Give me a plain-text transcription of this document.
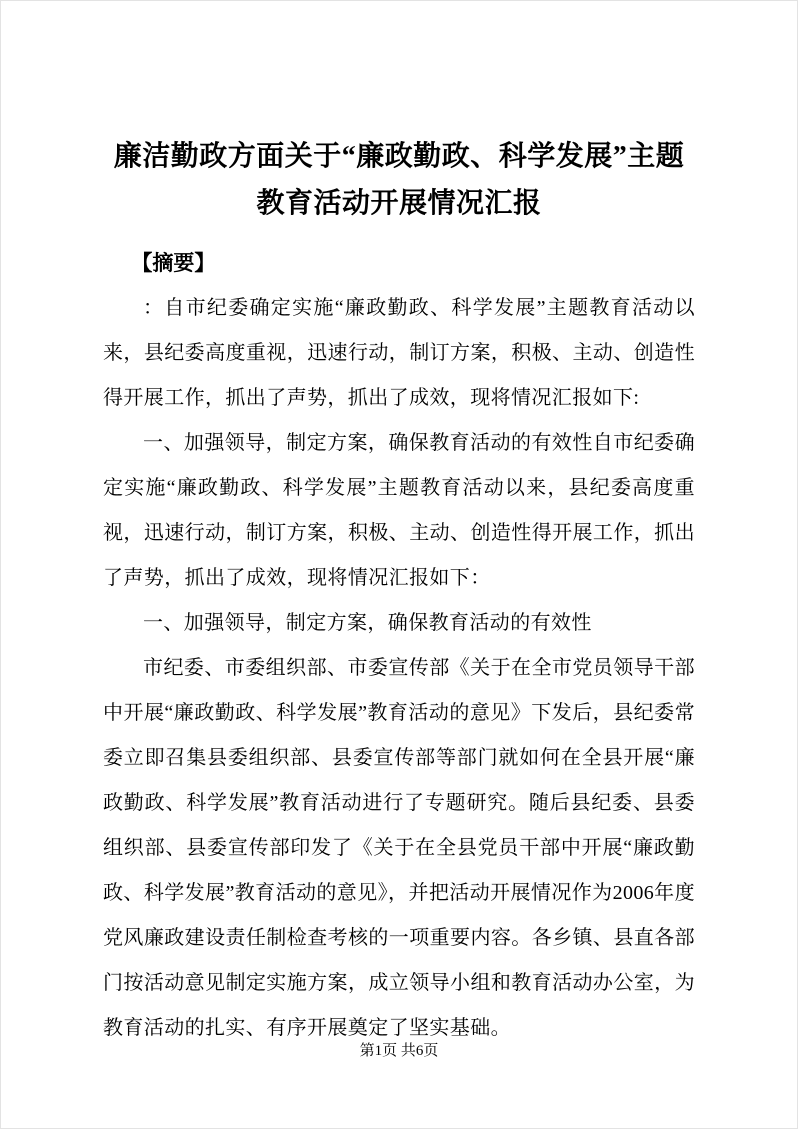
廉洁勤政方面关于“廉政勤政、科学发展”主题教育活动开展情况汇报

【摘要】

：自市纪委确定实施“廉政勤政、科学发展”主题教育活动以来，县纪委高度重视，迅速行动，制订方案，积极、主动、创造性得开展工作，抓出了声势，抓出了成效，现将情况汇报如下:

一、加强领导，制定方案，确保教育活动的有效性自市纪委确定实施“廉政勤政、科学发展”主题教育活动以来，县纪委高度重视，迅速行动，制订方案，积极、主动、创造性得开展工作，抓出了声势，抓出了成效，现将情况汇报如下：

一、加强领导，制定方案，确保教育活动的有效性

市纪委、市委组织部、市委宣传部《关于在全市党员领导干部中开展“廉政勤政、科学发展”教育活动的意见》下发后，县纪委常委立即召集县委组织部、县委宣传部等部门就如何在全县开展“廉政勤政、科学发展”教育活动进行了专题研究。随后县纪委、县委组织部、县委宣传部印发了《关于在全县党员干部中开展“廉政勤政、科学发展”教育活动的意见》，并把活动开展情况作为2006年度党风廉政建设责任制检查考核的一项重要内容。各乡镇、县直各部门按活动意见制定实施方案，成立领导小组和教育活动办公室，为教育活动的扎实、有序开展奠定了坚实基础。

第1页 共6页
